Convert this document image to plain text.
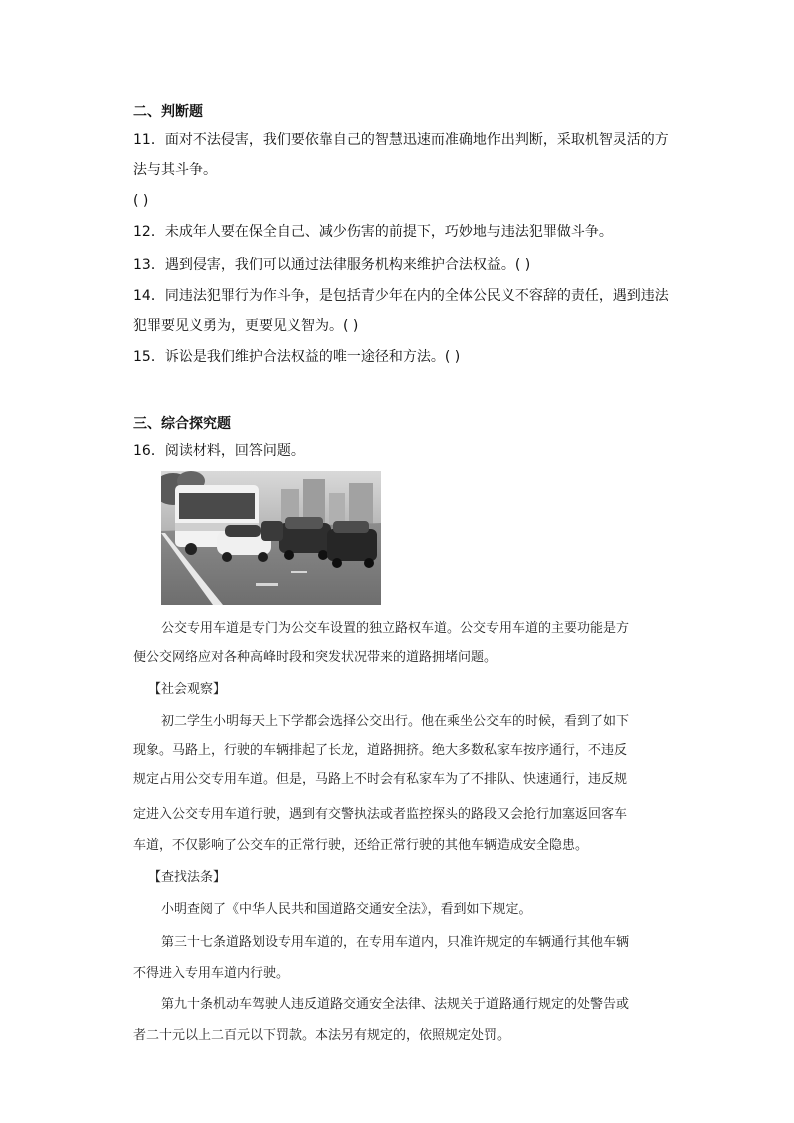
二、判断题
11．面对不法侵害，我们要依靠自己的智慧迅速而准确地作出判断，采取机智灵活的方
法与其斗争。
( )
12．未成年人要在保全自己、减少伤害的前提下，巧妙地与违法犯罪做斗争。
13．遇到侵害，我们可以通过法律服务机构来维护合法权益。( )
14．同违法犯罪行为作斗争，是包括青少年在内的全体公民义不容辞的责任，遇到违法
犯罪要见义勇为，更要见义智为。( )
15．诉讼是我们维护合法权益的唯一途径和方法。( )
三、综合探究题
16．阅读材料，回答问题。
公交专用车道是专门为公交车设置的独立路权车道。公交专用车道的主要功能是方
便公交网络应对各种高峰时段和突发状况带来的道路拥堵问题。
【社会观察】
初二学生小明每天上下学都会选择公交出行。他在乘坐公交车的时候，看到了如下
现象。马路上，行驶的车辆排起了长龙，道路拥挤。绝大多数私家车按序通行，不违反
规定占用公交专用车道。但是，马路上不时会有私家车为了不排队、快速通行，违反规
定进入公交专用车道行驶，遇到有交警执法或者监控探头的路段又会抢行加塞返回客车
车道，不仅影响了公交车的正常行驶，还给正常行驶的其他车辆造成安全隐患。
【查找法条】
小明查阅了《中华人民共和国道路交通安全法》，看到如下规定。
第三十七条道路划设专用车道的，在专用车道内，只准许规定的车辆通行其他车辆
不得进入专用车道内行驶。
第九十条机动车驾驶人违反道路交通安全法律、法规关于道路通行规定的处警告或
者二十元以上二百元以下罚款。本法另有规定的，依照规定处罚。
